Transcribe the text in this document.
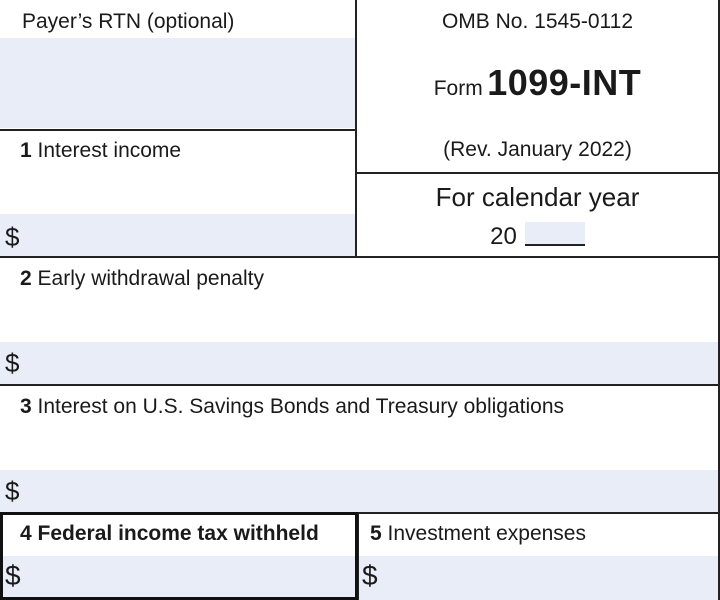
Payer’s RTN (optional)	OMB No. 1545-0112
Form 1099-INT
(Rev. January 2022)
For calendar year
20
1 Interest income
$
2 Early withdrawal penalty
$
3 Interest on U.S. Savings Bonds and Treasury obligations
$
4 Federal income tax withheld
$
5 Investment expenses
$
